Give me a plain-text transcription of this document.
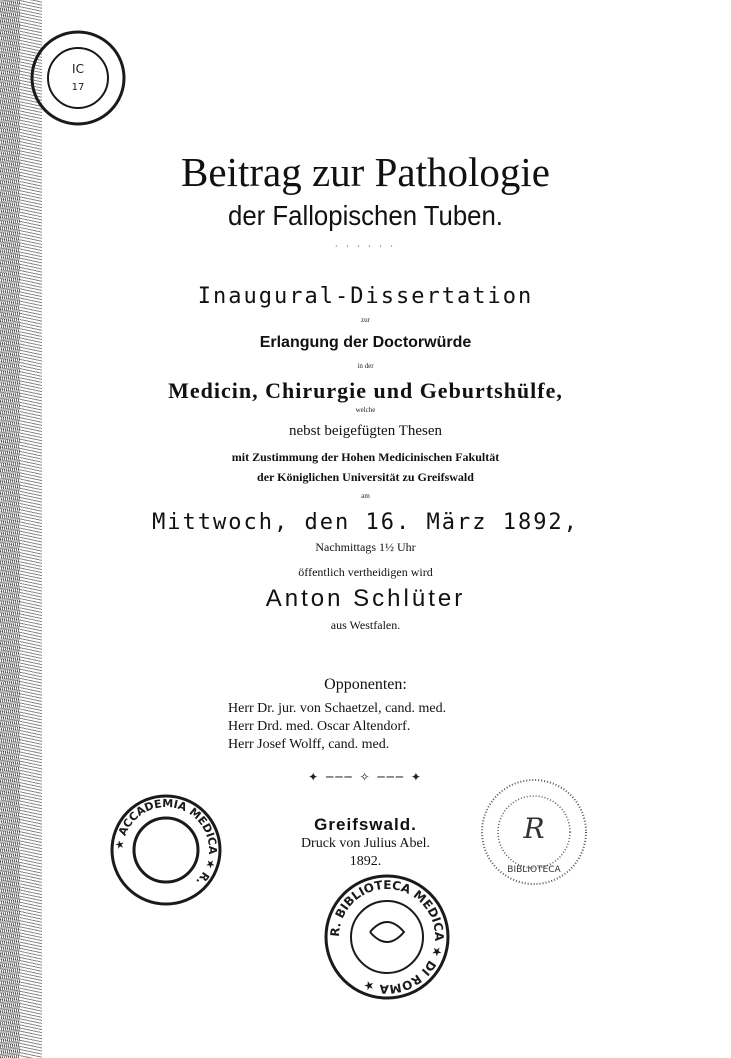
IC
17
Beitrag zur Pathologie
der Fallopischen Tuben.
· · · · · ·
Inaugural-Dissertation
zur
Erlangung der Doctorwürde
in der
Medicin, Chirurgie und Geburtshülfe,
welche
nebst beigefügten Thesen
mit Zustimmung der Hohen Medicinischen Fakultät
der Königlichen Universität zu Greifswald
am
Mittwoch, den 16. März 1892,
Nachmittags 1½ Uhr
öffentlich vertheidigen wird
Anton Schlüter
aus Westfalen.
Opponenten:
Herr Dr. jur. von Schaetzel, cand. med.
Herr Drd. med. Oscar Altendorf.
Herr Josef Wolff, cand. med.
✦ ─── ✧ ─── ✦
Greifswald.
Druck von Julius Abel.
1892.
★ ACCADEMIA MEDICA ★ R.
R. BIBLIOTECA MEDICA ★ DI ROMA ★
R
BIBLIOTECA
